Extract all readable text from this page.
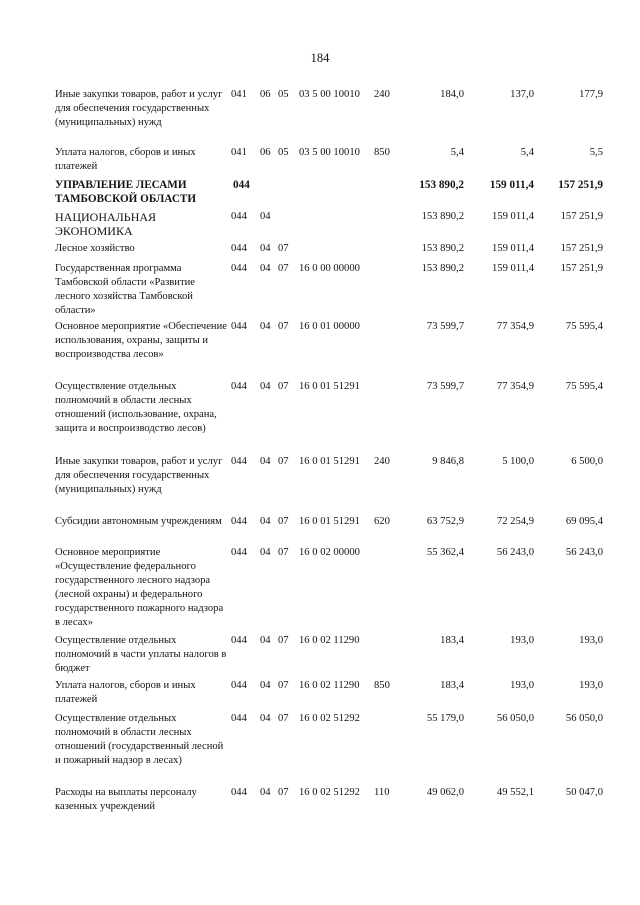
184
Иные закупки товаров, работ и услуг для обеспечения государственных (муниципальных) нужд
041 06 05 03 5 00 10010 240	184,0	137,0	177,9
Уплата налогов, сборов и иных платежей
041 06 05 03 5 00 10010 850	5,4	5,4	5,5
УПРАВЛЕНИЕ ЛЕСАМИ ТАМБОВСКОЙ ОБЛАСТИ
044	153 890,2	159 011,4	157 251,9
НАЦИОНАЛЬНАЯ ЭКОНОМИКА
044 04	153 890,2	159 011,4	157 251,9
Лесное хозяйство	044 04 07	153 890,2	159 011,4	157 251,9
Государственная программа Тамбовской области «Развитие лесного хозяйства Тамбовской области»
044 04 07 16 0 00 00000	153 890,2	159 011,4	157 251,9
Основное мероприятие «Обеспечение использования, охраны, защиты и воспроизводства лесов»
044 04 07 16 0 01 00000	73 599,7	77 354,9	75 595,4
Осуществление отдельных полномочий в области лесных отношений (использование, охрана, защита и воспроизводство лесов)
044 04 07 16 0 01 51291	73 599,7	77 354,9	75 595,4
Иные закупки товаров, работ и услуг для обеспечения государственных (муниципальных) нужд
044 04 07 16 0 01 51291 240	9 846,8	5 100,0	6 500,0
Субсидии автономным учреждениям 044 04 07 16 0 01 51291 620	63 752,9	72 254,9	69 095,4
Основное мероприятие «Осуществление федерального государственного лесного надзора (лесной охраны) и федерального государственного пожарного надзора в лесах»
044 04 07 16 0 02 00000	55 362,4	56 243,0	56 243,0
Осуществление отдельных полномочий в части уплаты налогов в бюджет
044 04 07 16 0 02 11290	183,4	193,0	193,0
Уплата налогов, сборов и иных платежей
044 04 07 16 0 02 11290 850	183,4	193,0	193,0
Осуществление отдельных полномочий в области лесных отношений (государственный лесной и пожарный надзор в лесах)
044 04 07 16 0 02 51292	55 179,0	56 050,0	56 050,0
Расходы на выплаты персоналу казенных учреждений
044 04 07 16 0 02 51292 110	49 062,0	49 552,1	50 047,0
